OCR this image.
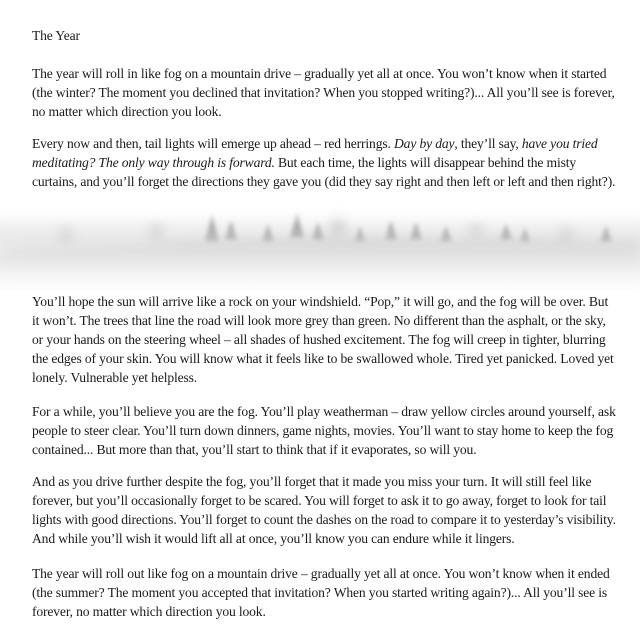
The Year

The year will roll in like fog on a mountain drive – gradually yet all at once. You won’t know when it started (the winter? The moment you declined that invitation? When you stopped writing?)... All you’ll see is forever, no matter which direction you look.

Every now and then, tail lights will emerge up ahead – red herrings. Day by day, they’ll say, have you tried meditating? The only way through is forward. But each time, the lights will disappear behind the misty curtains, and you’ll forget the directions they gave you (did they say right and then left or left and then right?).

You’ll hope the sun will arrive like a rock on your windshield. “Pop,” it will go, and the fog will be over. But it won’t. The trees that line the road will look more grey than green. No different than the asphalt, or the sky, or your hands on the steering wheel – all shades of hushed excitement. The fog will creep in tighter, blurring the edges of your skin. You will know what it feels like to be swallowed whole. Tired yet panicked. Loved yet lonely. Vulnerable yet helpless.

For a while, you’ll believe you are the fog. You’ll play weatherman – draw yellow circles around yourself, ask people to steer clear. You’ll turn down dinners, game nights, movies. You’ll want to stay home to keep the fog contained... But more than that, you’ll start to think that if it evaporates, so will you.

And as you drive further despite the fog, you’ll forget that it made you miss your turn. It will still feel like forever, but you’ll occasionally forget to be scared. You will forget to ask it to go away, forget to look for tail lights with good directions. You’ll forget to count the dashes on the road to compare it to yesterday’s visibility. And while you’ll wish it would lift all at once, you’ll know you can endure while it lingers.

The year will roll out like fog on a mountain drive – gradually yet all at once. You won’t know when it ended (the summer? The moment you accepted that invitation? When you started writing again?)... All you’ll see is forever, no matter which direction you look.
